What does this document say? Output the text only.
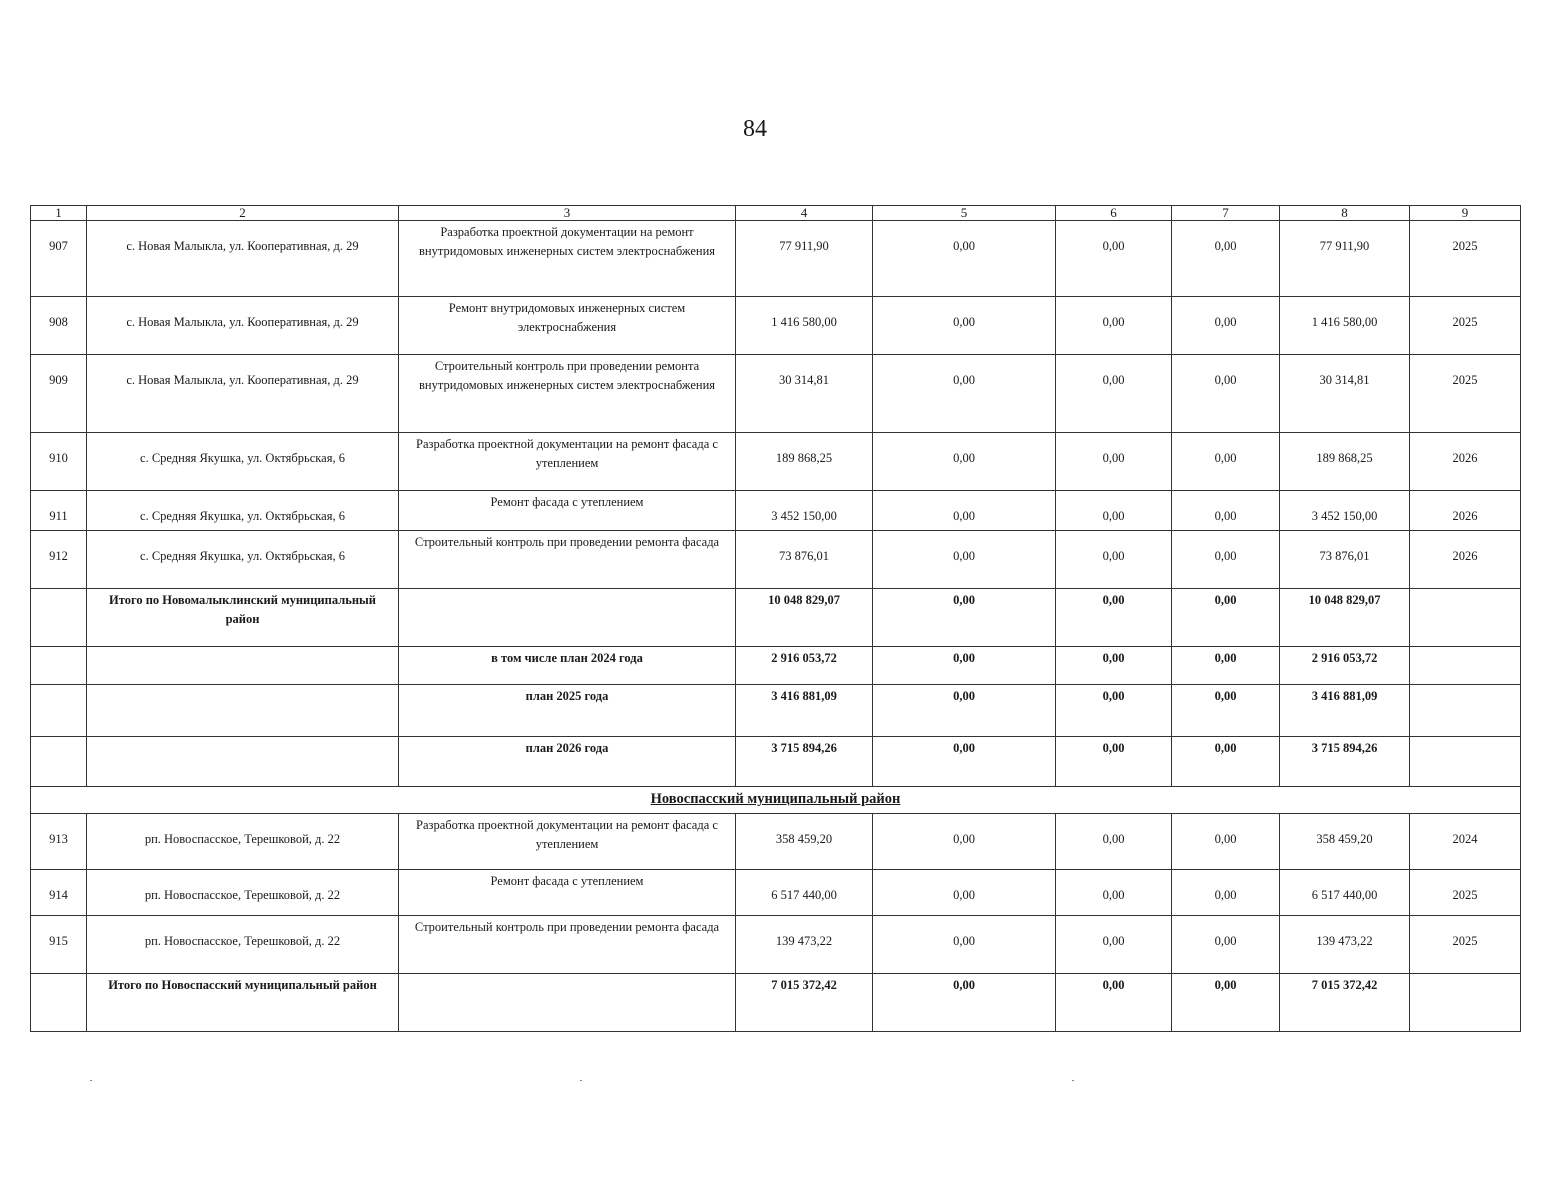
84
1	2	3	4	5	6	7	8	9
907	с. Новая Малыкла, ул. Кооперативная, д. 29	Разработка проектной документации на ремонт внутридомовых инженерных систем электроснабжения	77 911,90	0,00	0,00	0,00	77 911,90	2025
908	с. Новая Малыкла, ул. Кооперативная, д. 29	Ремонт внутридомовых инженерных систем электроснабжения	1 416 580,00	0,00	0,00	0,00	1 416 580,00	2025
909	с. Новая Малыкла, ул. Кооперативная, д. 29	Строительный контроль при проведении ремонта внутридомовых инженерных систем электроснабжения	30 314,81	0,00	0,00	0,00	30 314,81	2025
910	с. Средняя Якушка, ул. Октябрьская, 6	Разработка проектной документации на ремонт фасада с утеплением	189 868,25	0,00	0,00	0,00	189 868,25	2026
911	с. Средняя Якушка, ул. Октябрьская, 6	Ремонт фасада с утеплением	3 452 150,00	0,00	0,00	0,00	3 452 150,00	2026
912	с. Средняя Якушка, ул. Октябрьская, 6	Строительный контроль при проведении ремонта фасада	73 876,01	0,00	0,00	0,00	73 876,01	2026
	Итого по Новомалыклинский муниципальный район		10 048 829,07	0,00	0,00	0,00	10 048 829,07	
		в том числе план 2024 года	2 916 053,72	0,00	0,00	0,00	2 916 053,72	
		план 2025 года	3 416 881,09	0,00	0,00	0,00	3 416 881,09	
		план 2026 года	3 715 894,26	0,00	0,00	0,00	3 715 894,26	
Новоспасский муниципальный район								
913	рп. Новоспасское, Терешковой, д. 22	Разработка проектной документации на ремонт фасада с утеплением	358 459,20	0,00	0,00	0,00	358 459,20	2024
914	рп. Новоспасское, Терешковой, д. 22	Ремонт фасада с утеплением	6 517 440,00	0,00	0,00	0,00	6 517 440,00	2025
915	рп. Новоспасское, Терешковой, д. 22	Строительный контроль при проведении ремонта фасада	139 473,22	0,00	0,00	0,00	139 473,22	2025
	Итого по Новоспасский муниципальный район		7 015 372,42	0,00	0,00	0,00	7 015 372,42	
